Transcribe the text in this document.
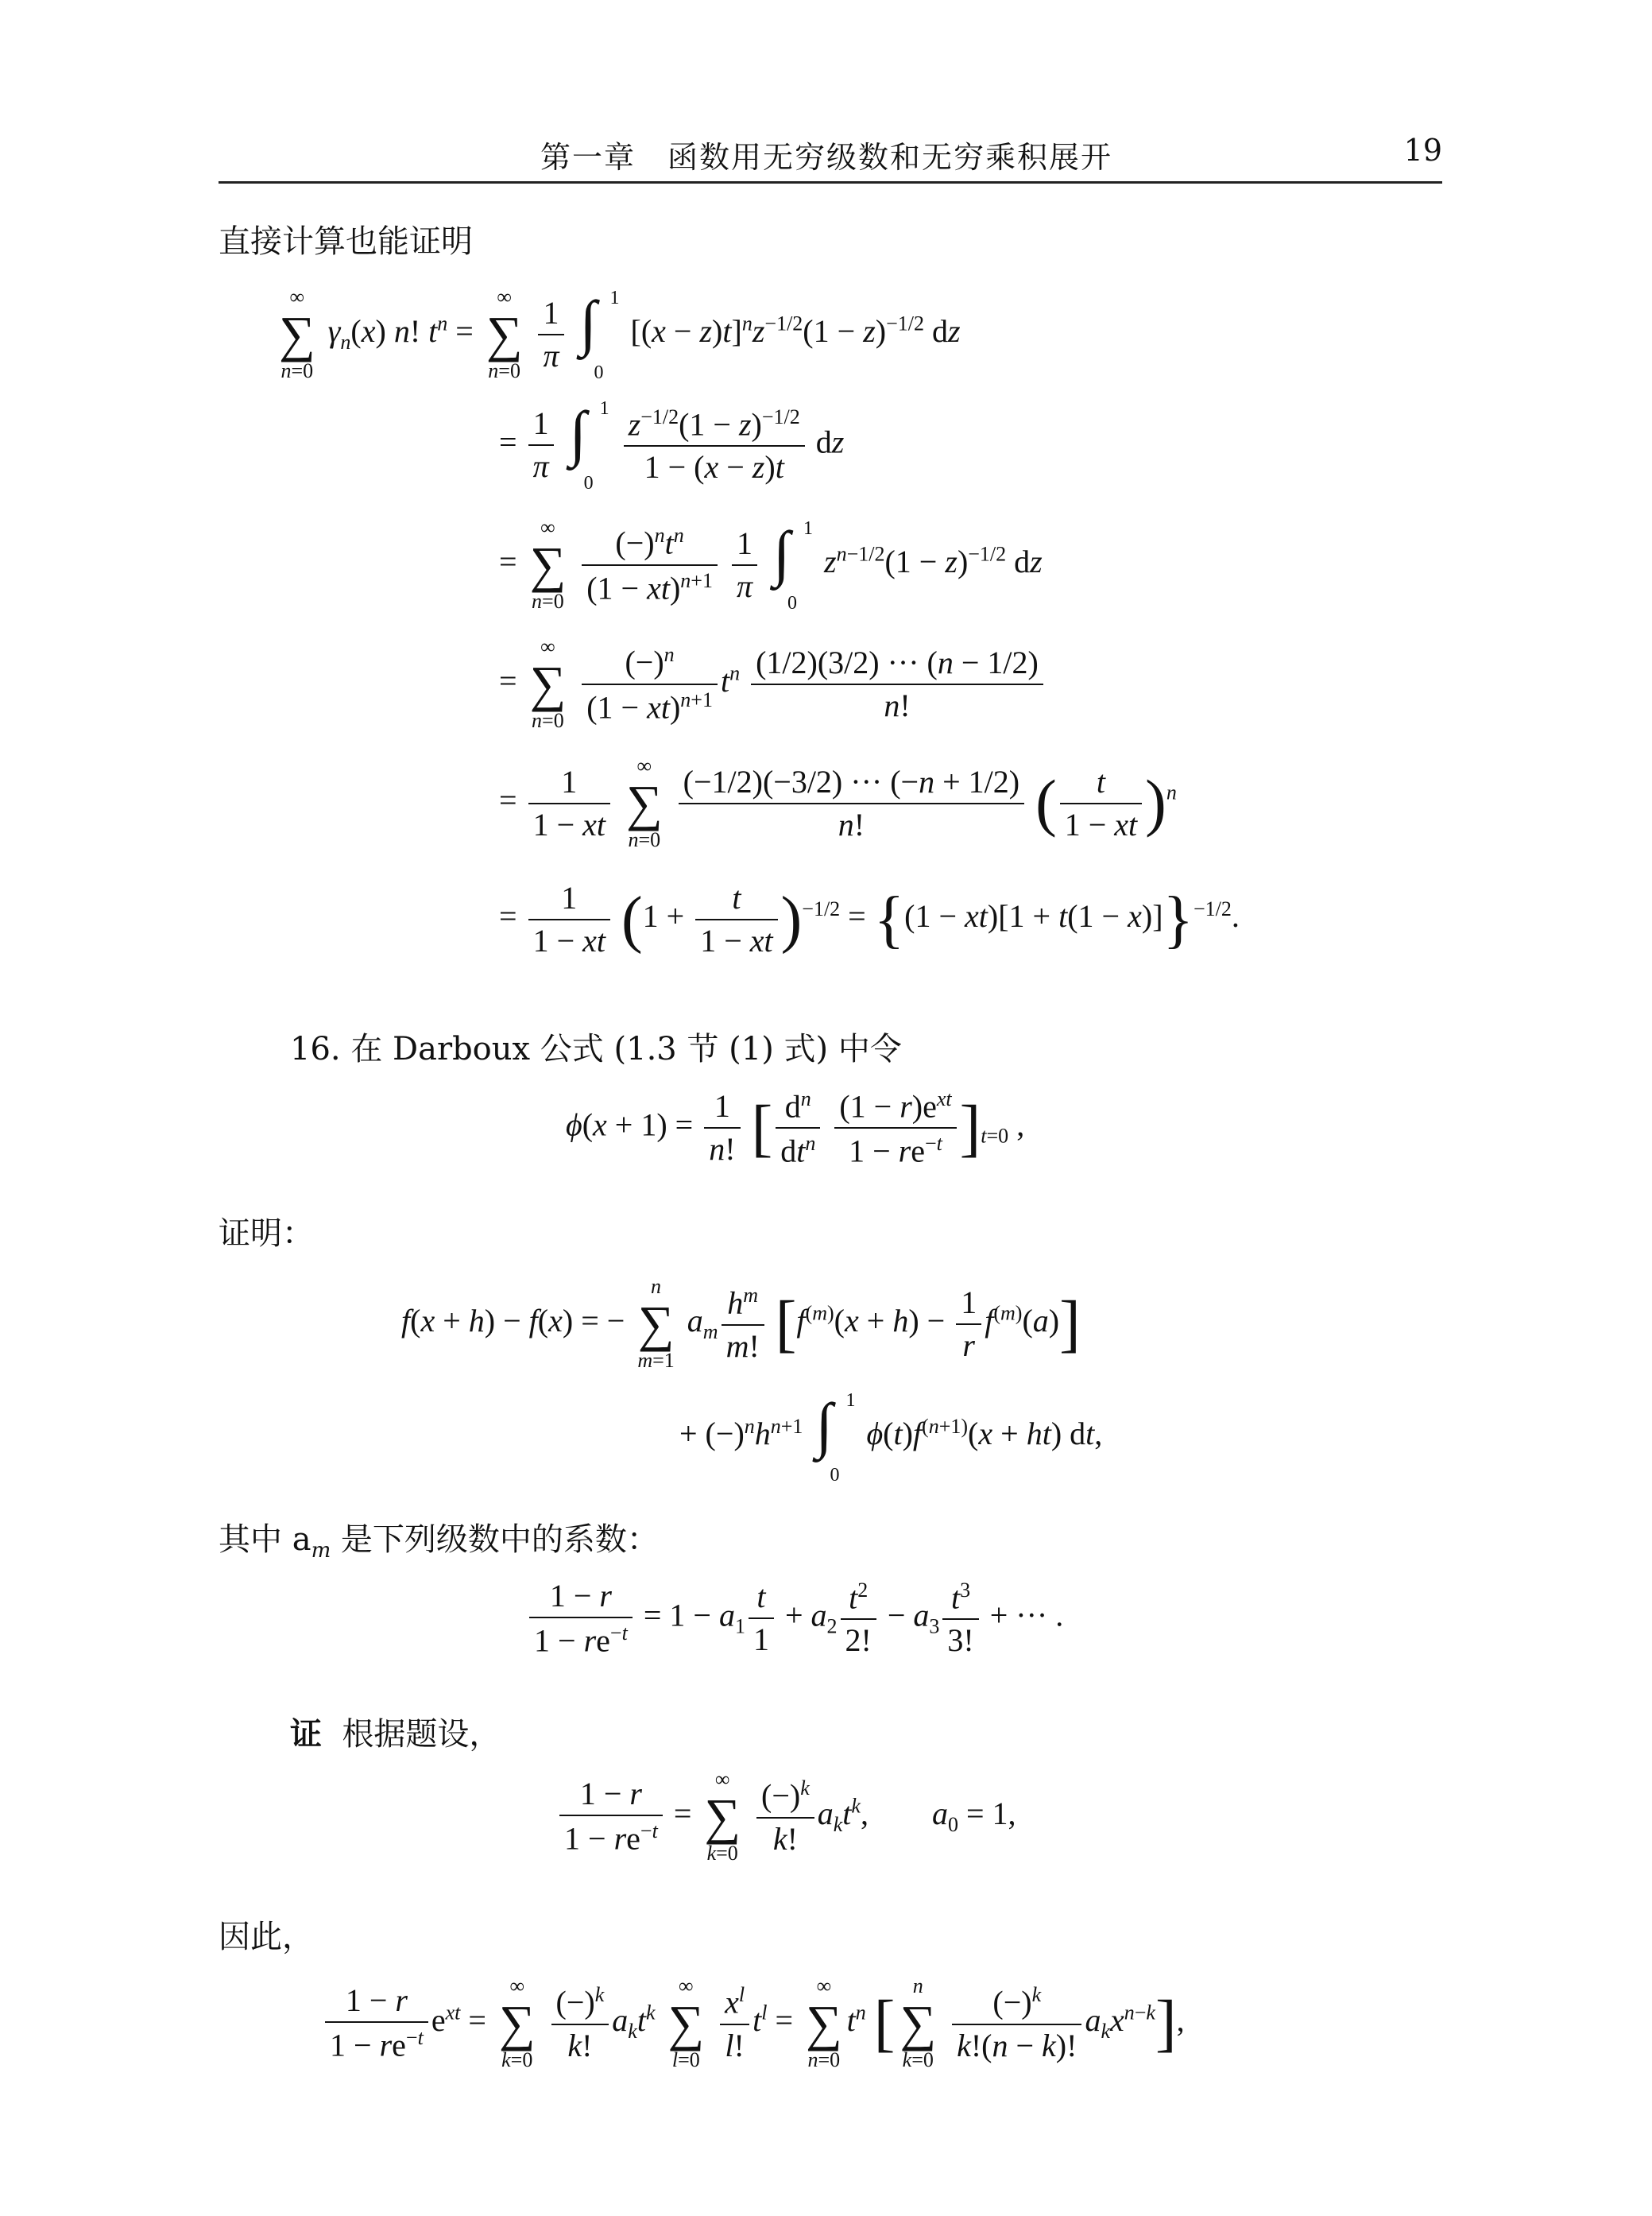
第一章　函数用无穷级数和无穷乘积展开	19
直接计算也能证明
∞
∑
n=0
$\gamma_n(x)$ n! $t^n$ =
∞
∑
n=0
$\frac{1}{\pi}$
∫ 1
0
$[(x - z)t]^nz^{-1/2}(1 - z)^{-1/2}$ dz
= $\frac{1}{\pi}$
∫ 1
0
$\frac{z^{-1/2}(1 - z)^{-1/2}}{1 - (x - z)t}$ dz
=
∞
∑
n=0
$\frac{(-)^nt^n}{(1 - xt)^{n+1}}$
$\frac{1}{\pi}$
∫ 1
0
$z^{n-1/2}(1 - z)^{-1/2}$ dz
=
∞
∑
n=0
$\frac{(-)^n}{(1 - xt)^{n+1}} t^n \frac{(1/2)(3/2) \cdot\cdot\cdot (n - 1/2)}{n!}$
= $\frac{1}{1 - xt}$

∞
∑
n=0
$\frac{(-1/2)(-3/2) \cdot\cdot\cdot (-n + 1/2)}{n!}$ ( $\frac{t}{1 - xt} )^n$
= $\frac{1}{1 - xt} (1 + \frac{t}{1 - xt} )^{-1/2} = \{(1 - xt)[1 + t(1 - x)]\}^{-1/2}$.
16. 在 Darboux 公式 (1.3 节 (1) 式) 中令
$\phi(x + 1) = \frac{1}{n!}$ [ $\frac{d^n}{dt^n}$
$\frac{(1 - r)e^{xt}}{1 - re^{-t}} ]_{t=0}$ ,
证明：
f(x + h) − f(x) = −
n
∑
m=1
$a_m \frac{h^m}{m!} [f^{(m)}(x + h) - \frac{1}{r} f^{(m)}(a)]$
+ $(-)^nh^{n+1}$ ∫ 1
0
$\phi(t)f^{(n+1)}(x + ht)$ dt,
其中 $a_m$ 是下列级数中的系数：
$\frac{1 - r}{1 - re^{-t}} = 1 - a_1 \frac{t}{1} + a_2 \frac{t^2}{2!} - a_3 \frac{t^3}{3!}$ + ··· .
证 根据题设，
$\frac{1 - r}{1 - re^{-t}}$ =
∞
∑
k=0
$\frac{(-)^k}{k!} a_kt^k$,        $a_0 = 1$,
因此，
$\frac{1 - r}{1 - re^{-t}} e^{xt}$ =
∞
∑
k=0
$\frac{(-)^k}{k!} a_kt^k$
∞
∑
l=0
$\frac{x^l}{l!} t^l$ =
∞
∑
n=0
$t^n$ [
n
∑
k=0
$\frac{(-)^k}{k!(n - k)!} a_kx^{n-k}$],
